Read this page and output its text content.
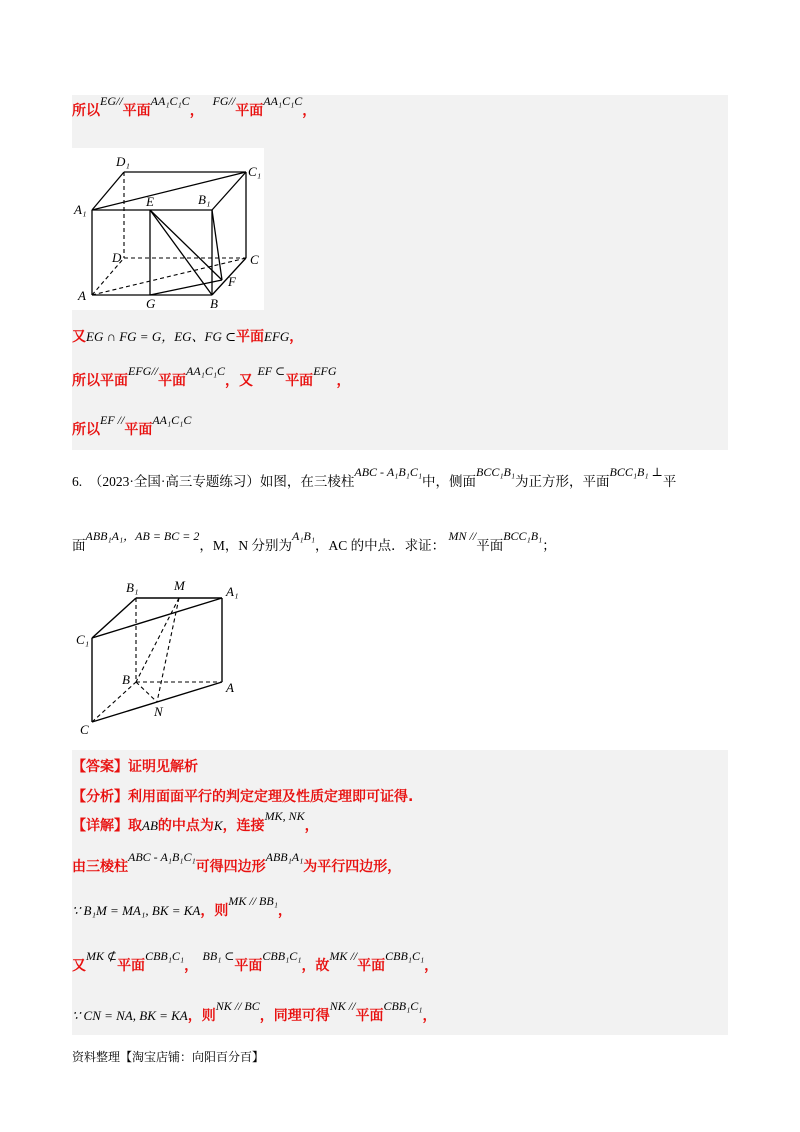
所以EG//平面AA₁C₁C，  FG//平面AA₁C₁C，
D₁
C₁
A₁
E	B₁
D	C
F
A
G	B
又EG ∩ FG = G，EG、FG ⊂平面EFG，
所以平面EFG//平面AA₁C₁C，又 EF ⊂平面EFG，
所以EF //平面AA₁C₁C
6. （2023·全国·高三专题练习）如图，在三棱柱ABC - A₁B₁C₁中，侧面BCC₁B₁为正方形，平面BCC₁B₁ ⊥平
面ABB₁A₁，AB = BC = 2，M，N 分别为A₁B₁，AC 的中点．求证： MN //平面BCC₁B₁；
B₁	M	A₁
C₁
B
A
N
C
【答案】证明见解析
【分析】利用面面平行的判定定理及性质定理即可证得.
【详解】取AB的中点为K，连接MK, NK，
由三棱柱ABC - A₁B₁C₁可得四边形ABB₁A₁为平行四边形，
∵ B₁M = MA₁, BK = KA，则MK // BB₁，
又MK ⊄平面CBB₁C₁， BB₁ ⊂平面CBB₁C₁，故MK //平面CBB₁C₁，
∵ CN = NA, BK = KA，则NK // BC，同理可得NK //平面CBB₁C₁，
资料整理【淘宝店铺：向阳百分百】
